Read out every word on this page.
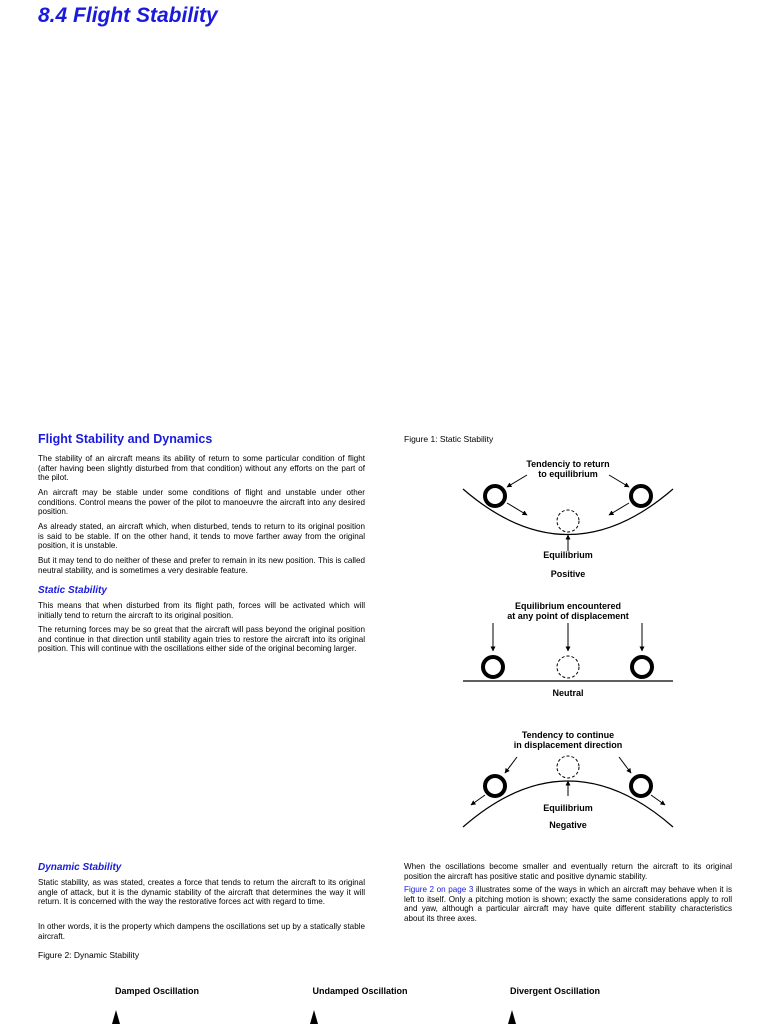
8.4 Flight Stability
Flight Stability and Dynamics
The stability of an aircraft means its ability of return to some particular condition of flight (after having been slightly disturbed from that condition) without any efforts on the part of the pilot.
An aircraft may be stable under some conditions of flight and unstable under other conditions. Control means the power of the pilot to manoeuvre the aircraft into any desired position.
As already stated, an aircraft which, when disturbed, tends to return to its original position is said to be stable. If on the other hand, it tends to move farther away from the original position, it is unstable.
But it may tend to do neither of these and prefer to remain in its new position. This is called neutral stability, and is sometimes a very desirable feature.
Static Stability
This means that when disturbed from its flight path, forces will be activated which will initially tend to return the aircraft to its original position.
The returning forces may be so great that the aircraft will pass beyond the original position and continue in that direction until stability again tries to restore the aircraft into its original position. This will continue with the oscillations either side of the original becoming larger.
Figure 1: Static Stability
Tendenciy to return
to equilibrium
Equilibrium
Positive
Equilibrium encountered
at any point of displacement
Neutral
Tendency to continue
in displacement direction
Equilibrium
Negative
Dynamic Stability
Static stability, as was stated, creates a force that tends to return the aircraft to its original angle of attack, but it is the dynamic stability of the aircraft that determines the way it will return. It is concerned with the way the restorative forces act with regard to time.
In other words, it is the property which dampens the oscillations set up by a statically stable aircraft.
When the oscillations become smaller and eventually return the aircraft to its original position the aircraft has positive static and positive dynamic stability.
Figure 2 on page 3 illustrates some of the ways in which an aircraft may behave when it is left to itself. Only a pitching motion is shown; exactly the same considerations apply to roll and yaw, although a particular aircraft may have quite different stability characteristics about its three axes.
Figure 2: Dynamic Stability
Damped Oscillation	Undamped Oscillation	Divergent Oscillation
